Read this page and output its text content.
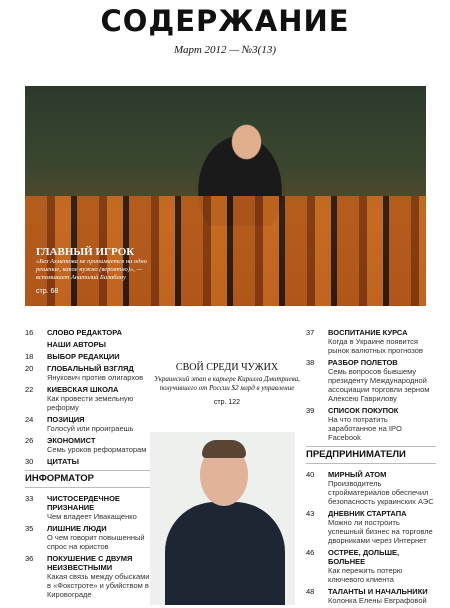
СОДЕРЖАНИЕ
Март 2012 — №3(13)
ГЛАВНЫЙ ИГРОК
«Без Ахметова не принимается ни одно решение, какое нужно (вероятно)», — вспоминает Анатолий Балабану
стр. 68
16	СЛОВО РЕДАКТОРА
НАШИ АВТОРЫ
18	ВЫБОР РЕДАКЦИИ
20	ГЛОБАЛЬНЫЙ ВЗГЛЯД
Янукович против олигархов
22	КИЕВСКАЯ ШКОЛА
Как провести земельную реформу
24	ПОЗИЦИЯ
Голосуй или проиграешь
26	ЭКОНОМИСТ
Семь уроков реформаторам
30	ЦИТАТЫ
ИНФОРМАТОР
33	ЧИСТОСЕРДЕЧНОЕ ПРИЗНАНИЕ
Чем владеет Ивакащенко
35	ЛИШНИЕ ЛЮДИ
О чем говорит повышенный спрос на юристов
36	ПОКУШЕНИЕ С ДВУМЯ НЕИЗВЕСТНЫМИ
Какая связь между обысками в «Фокстроте» и убийством в Кировограде
СВОЙ СРЕДИ ЧУЖИХ
Украинский этап в карьере Кирилла Дмитриева, получившего от России $2 млрд в управление
стр. 122
37	ВОСПИТАНИЕ КУРСА
Когда в Украине появится рынок валютных прогнозов
38	РАЗБОР ПОЛЕТОВ
Семь вопросов бывшему президенту Международной ассоциации торговли зерном Алексею Гаврилову
39	СПИСОК ПОКУПОК
На что потратить заработанное на IPO Facebook
ПРЕДПРИНИМАТЕЛИ
40	МИРНЫЙ АТОМ
Производитель стройматериалов обеспечил безопасность украинских АЭС
43	ДНЕВНИК СТАРТАПА
Можно ли построить успешный бизнес на торговле дворниками через Интернет
46	ОСТРЕЕ, ДОЛЬШЕ, БОЛЬНЕЕ
Как пережить потерю ключевого клиента
48	ТАЛАНТЫ И НАЧАЛЬНИКИ
Колонка Елены Евграфовой
